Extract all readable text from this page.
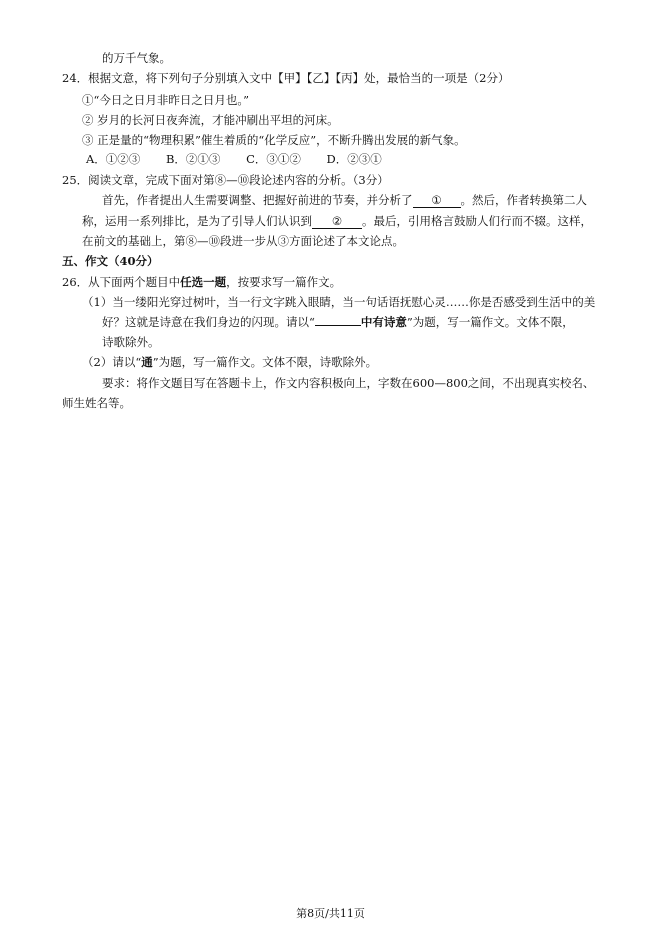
的万千气象。
24．根据文意，将下列句子分别填入文中【甲】【乙】【丙】处，最恰当的一项是（2分）
①“今日之日月非昨日之日月也。”
② 岁月的长河日夜奔流，才能冲刷出平坦的河床。
③ 正是量的“物理积累”催生着质的“化学反应”，不断升腾出发展的新气象。
A．①②③ B．②①③ C．③①② D．②③①
25．阅读文章，完成下面对第⑧—⑩段论述内容的分析。（3分）
首先，作者提出人生需要调整、把握好前进的节奏，并分析了 ① 。然后，作者转换第二人
称，运用一系列排比，是为了引导人们认识到 ② 。最后，引用格言鼓励人们行而不辍。这样，
在前文的基础上，第⑧—⑩段进一步从③方面论述了本文论点。
五、作文（40分）
26．从下面两个题目中任选一题，按要求写一篇作文。
（1）当一缕阳光穿过树叶，当一行文字跳入眼睛，当一句话语抚慰心灵……你是否感受到生活中的美
好？这就是诗意在我们身边的闪现。请以“	中有诗意”为题，写一篇作文。文体不限，
诗歌除外。
（2）请以“通”为题，写一篇作文。文体不限，诗歌除外。
要求：将作文题目写在答题卡上，作文内容积极向上，字数在600—800之间，不出现真实校名、
师生姓名等。
第8页/共11页
